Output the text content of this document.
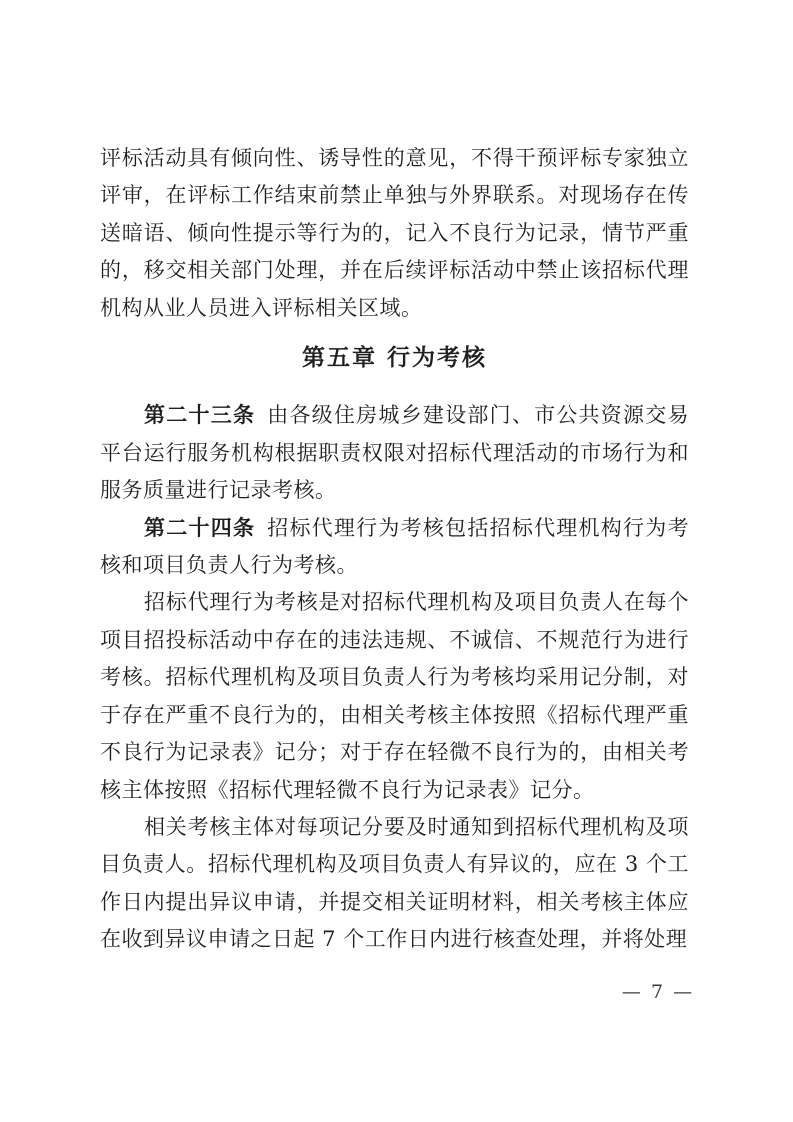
评标活动具有倾向性、诱导性的意见，不得干预评标专家独立评审，在评标工作结束前禁止单独与外界联系。对现场存在传送暗语、倾向性提示等行为的，记入不良行为记录，情节严重的，移交相关部门处理，并在后续评标活动中禁止该招标代理机构从业人员进入评标相关区域。

第五章 行为考核

第二十三条 由各级住房城乡建设部门、市公共资源交易平台运行服务机构根据职责权限对招标代理活动的市场行为和服务质量进行记录考核。

第二十四条 招标代理行为考核包括招标代理机构行为考核和项目负责人行为考核。

招标代理行为考核是对招标代理机构及项目负责人在每个项目招投标活动中存在的违法违规、不诚信、不规范行为进行考核。招标代理机构及项目负责人行为考核均采用记分制，对于存在严重不良行为的，由相关考核主体按照《招标代理严重不良行为记录表》记分；对于存在轻微不良行为的，由相关考核主体按照《招标代理轻微不良行为记录表》记分。

相关考核主体对每项记分要及时通知到招标代理机构及项目负责人。招标代理机构及项目负责人有异议的，应在 3 个工作日内提出异议申请，并提交相关证明材料，相关考核主体应在收到异议申请之日起 7 个工作日内进行核查处理，并将处理

— 7 —
